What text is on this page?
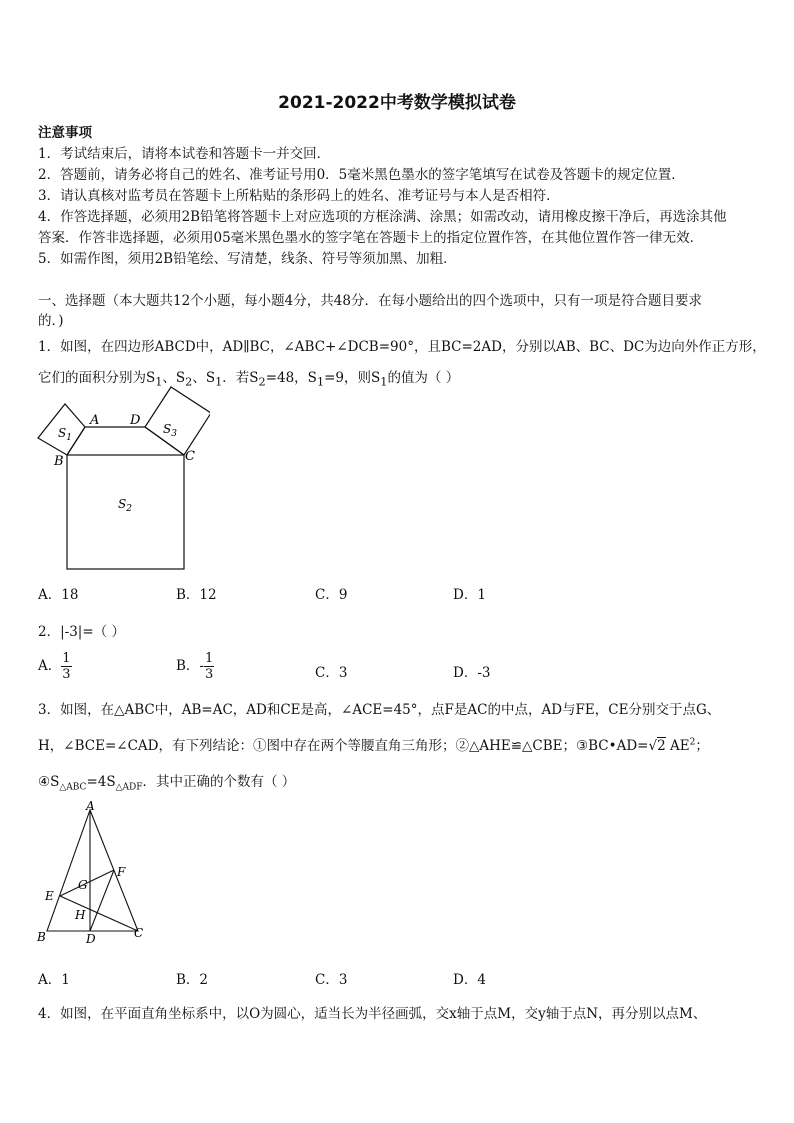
2021-2022中考数学模拟试卷
注意事项
1．考试结束后，请将本试卷和答题卡一并交回．
2．答题前，请务必将自己的姓名、准考证号用0．5毫米黑色墨水的签字笔填写在试卷及答题卡的规定位置．
3．请认真核对监考员在答题卡上所粘贴的条形码上的姓名、准考证号与本人是否相符．
4．作答选择题，必须用2B铅笔将答题卡上对应选项的方框涂满、涂黑；如需改动，请用橡皮擦干净后，再选涂其他
答案．作答非选择题，必须用05毫米黑色墨水的签字笔在答题卡上的指定位置作答，在其他位置作答一律无效．
5．如需作图，须用2B铅笔绘、写清楚，线条、符号等须加黑、加粗．
一、选择题（本大题共12个小题，每小题4分，共48分．在每小题给出的四个选项中，只有一项是符合题目要求
的．)
1．如图，在四边形ABCD中，AD∥BC，∠ABC+∠DCB=90°，且BC=2AD，分别以AB、BC、DC为边向外作正方形，
它们的面积分别为$S_1$、$S_2$、$S_1$．若$S_2=48$，$S_1=9$，则$S_1$的值为（ ）
A D
B	C
$S_1$
$S_2$
$S_3$
A．18	B．12	C．9	D．1
2．|-3|=（ ）
A． $\frac{1}{3}$	B．- $\frac{1}{3}$	C．3	D．-3
3．如图，在△ABC中，AB=AC，AD和CE是高，∠ACE=45°，点F是AC的中点，AD与FE，CE分别交于点G、
H，∠BCE=∠CAD，有下列结论：①图中存在两个等腰直角三角形；②△AHE≌△CBE；③BC•AD=√2 $AE^2$；
$④S_{\triangle ABC}=4S_{\triangle ADF}$．其中正确的个数有（ ）
A
B	C
D
E
F
G
H
A．1	B．2	C．3	D．4
4．如图，在平面直角坐标系中，以O为圆心，适当长为半径画弧，交x轴于点M，交y轴于点N，再分别以点M、
